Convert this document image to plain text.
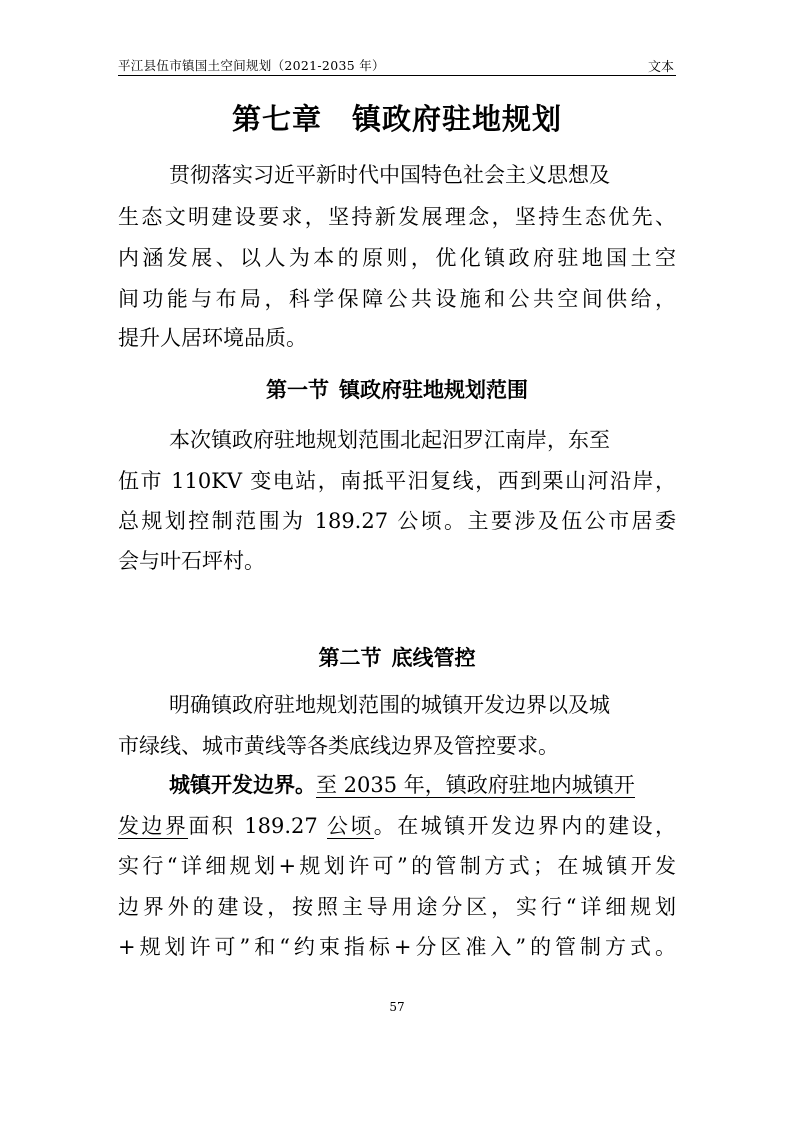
平江县伍市镇国土空间规划（2021-2035 年）	文本
第七章 镇政府驻地规划
贯彻落实习近平新时代中国特色社会主义思想及
生态文明建设要求，坚持新发展理念，坚持生态优先、
内涵发展、以人为本的原则，优化镇政府驻地国土空
间功能与布局，科学保障公共设施和公共空间供给，
提升人居环境品质。
第一节 镇政府驻地规划范围
本次镇政府驻地规划范围北起汨罗江南岸，东至
伍市 110KV 变电站，南抵平汨复线，西到栗山河沿岸，
总规划控制范围为 189.27 公顷。主要涉及伍公市居委
会与叶石坪村。
第二节 底线管控
明确镇政府驻地规划范围的城镇开发边界以及城
市绿线、城市黄线等各类底线边界及管控要求。
城镇开发边界。至 2035 年，镇政府驻地内城镇开
发边界面积 189.27 公顷。在城镇开发边界内的建设，
实行“详细规划+规划许可”的管制方式；在城镇开发
边界外的建设，按照主导用途分区，实行“详细规划
+规划许可”和“约束指标+分区准入”的管制方式。
57
